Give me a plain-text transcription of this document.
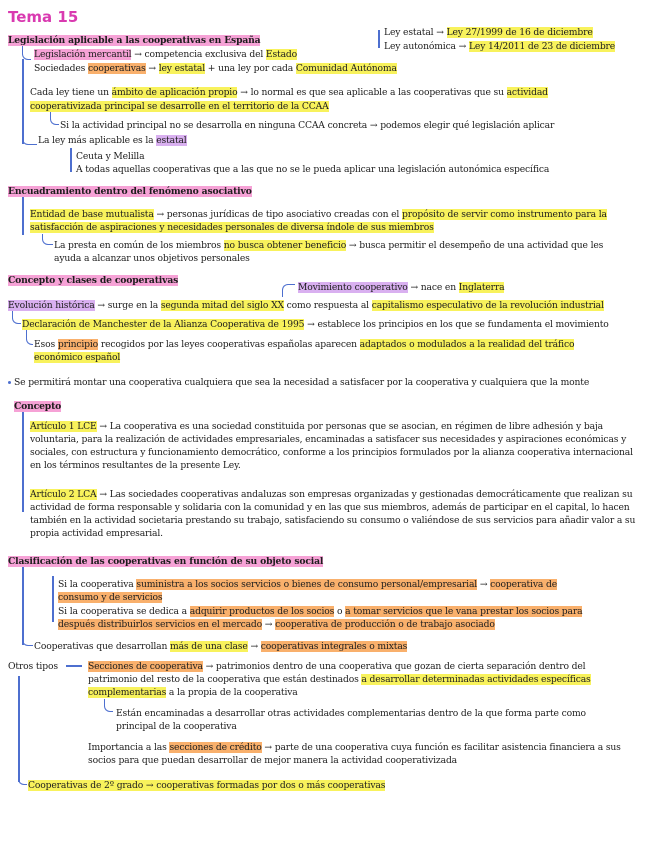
Tema 15
Legislación aplicable a las cooperativas en España
Legislación mercantil → competencia exclusiva del Estado
Sociedades cooperativas → ley estatal + una ley por cada Comunidad Autónoma
Ley estatal → Ley 27/1999 de 16 de diciembre
Ley autonómica → Ley 14/2011 de 23 de diciembre
Cada ley tiene un ámbito de aplicación propio → lo normal es que sea aplicable a las cooperativas que su actividad
cooperativizada principal se desarrolle en el territorio de la CCAA
Si la actividad principal no se desarrolla en ninguna CCAA concreta → podemos elegir qué legislación aplicar
La ley más aplicable es la estatal
Ceuta y Melilla
A todas aquellas cooperativas que a las que no se le pueda aplicar una legislación autonómica específica
Encuadramiento dentro del fenómeno asociativo
Entidad de base mutualista → personas jurídicas de tipo asociativo creadas con el propósito de servir como instrumento para la
satisfacción de aspiraciones y necesidades personales de diversa índole de sus miembros
La presta en común de los miembros no busca obtener beneficio → busca permitir el desempeño de una actividad que les
ayuda a alcanzar unos objetivos personales
Concepto y clases de cooperativas
Movimiento cooperativo → nace en Inglaterra
Evolución histórica → surge en la segunda mitad del siglo XX como respuesta al capitalismo especulativo de la revolución industrial
Declaración de Manchester de la Alianza Cooperativa de 1995 → establece los principios en los que se fundamenta el movimiento
Esos principio recogidos por las leyes cooperativas españolas aparecen adaptados o modulados a la realidad del tráfico
económico español
Se permitirá montar una cooperativa cualquiera que sea la necesidad a satisfacer por la cooperativa y cualquiera que la monte
Concepto
Artículo 1 LCE → La cooperativa es una sociedad constituida por personas que se asocian, en régimen de libre adhesión y baja voluntaria, para la realización de actividades empresariales, encaminadas a satisfacer sus necesidades y aspiraciones económicas y sociales, con estructura y funcionamiento democrático, conforme a los principios formulados por la alianza cooperativa internacional en los términos resultantes de la presente Ley.
Artículo 2 LCA → Las sociedades cooperativas andaluzas son empresas organizadas y gestionadas democráticamente que realizan su actividad de forma responsable y solidaria con la comunidad y en las que sus miembros, además de participar en el capital, lo hacen también en la actividad societaria prestando su trabajo, satisfaciendo su consumo o valiéndose de sus servicios para añadir valor a su propia actividad empresarial.
Clasificación de las cooperativas en función de su objeto social
Si la cooperativa suministra a los socios servicios o bienes de consumo personal/empresarial → cooperativa de
consumo y de servicios
Si la cooperativa se dedica a adquirir productos de los socios o a tomar servicios que le vana prestar los socios para
después distribuirlos servicios en el mercado → cooperativa de producción o de trabajo asociado
Cooperativas que desarrollan más de una clase → cooperativas integrales o mixtas
Otros tipos	Secciones de cooperativa → patrimonios dentro de una cooperativa que gozan de cierta separación dentro del
patrimonio del resto de la cooperativa que están destinados a desarrollar determinadas actividades específicas
complementarias a la propia de la cooperativa
Están encaminadas a desarrollar otras actividades complementarias dentro de la que forma parte como
principal de la cooperativa
Importancia a las secciones de crédito → parte de una cooperativa cuya función es facilitar asistencia financiera a sus
socios para que puedan desarrollar de mejor manera la actividad cooperativizada
Cooperativas de 2º grado → cooperativas formadas por dos o más cooperativas
